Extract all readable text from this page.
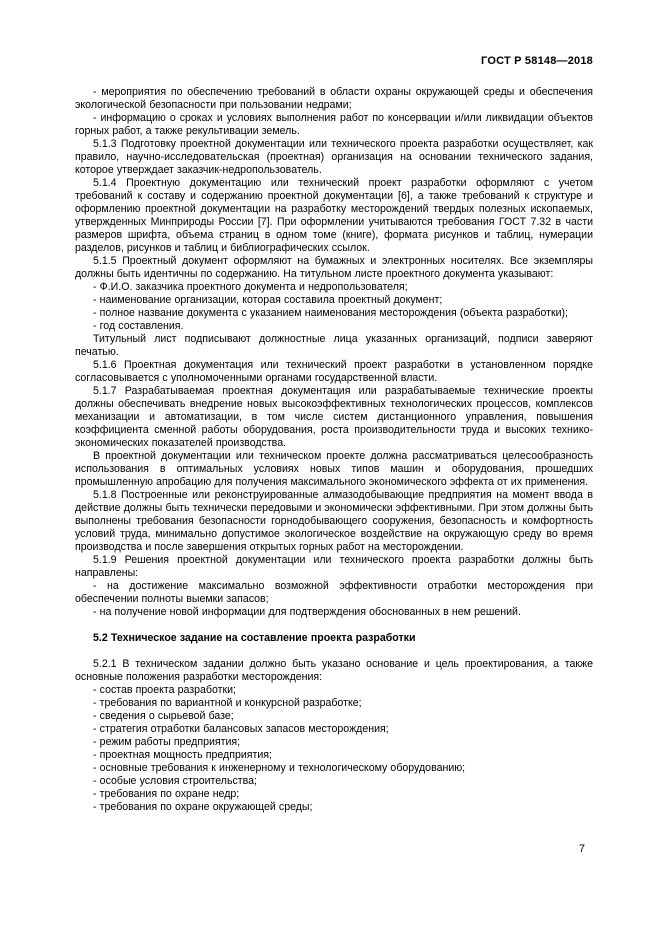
ГОСТ Р 58148—2018

- мероприятия по обеспечению требований в области охраны окружающей среды и обеспечения экологической безопасности при пользовании недрами;

- информацию о сроках и условиях выполнения работ по консервации и/или ликвидации объектов горных работ, а также рекультивации земель.

5.1.3 Подготовку проектной документации или технического проекта разработки осуществляет, как правило, научно-исследовательская (проектная) организация на основании технического задания, которое утверждает заказчик-недропользователь.

5.1.4 Проектную документацию или технический проект разработки оформляют с учетом требований к составу и содержанию проектной документации [6], а также требований к структуре и оформлению проектной документации на разработку месторождений твердых полезных ископаемых, утвержденных Минприроды России [7]. При оформлении учитываются требования ГОСТ 7.32 в части размеров шрифта, объема страниц в одном томе (книге), формата рисунков и таблиц, нумерации разделов, рисунков и таблиц и библиографических ссылок.

5.1.5 Проектный документ оформляют на бумажных и электронных носителях. Все экземпляры должны быть идентичны по содержанию. На титульном листе проектного документа указывают:

- Ф.И.О. заказчика проектного документа и недропользователя;

- наименование организации, которая составила проектный документ;

- полное название документа с указанием наименования месторождения (объекта разработки);

- год составления.

Титульный лист подписывают должностные лица указанных организаций, подписи заверяют печатью.

5.1.6 Проектная документация или технический проект разработки в установленном порядке согласовывается с уполномоченными органами государственной власти.

5.1.7 Разрабатываемая проектная документация или разрабатываемые технические проекты должны обеспечивать внедрение новых высокоэффективных технологических процессов, комплексов механизации и автоматизации, в том числе систем дистанционного управления, повышения коэффициента сменной работы оборудования, роста производительности труда и высоких технико-экономических показателей производства.

В проектной документации или техническом проекте должна рассматриваться целесообразность использования в оптимальных условиях новых типов машин и оборудования, прошедших промышленную апробацию для получения максимального экономического эффекта от их применения.

5.1.8 Построенные или реконструированные алмазодобывающие предприятия на момент ввода в действие должны быть технически передовыми и экономически эффективными. При этом должны быть выполнены требования безопасности горнодобывающего сооружения, безопасность и комфортность условий труда, минимально допустимое экологическое воздействие на окружающую среду во время производства и после завершения открытых горных работ на месторождении.

5.1.9 Решения проектной документации или технического проекта разработки должны быть направлены:

- на достижение максимально возможной эффективности отработки месторождения при обеспечении полноты выемки запасов;

- на получение новой информации для подтверждения обоснованных в нем решений.

5.2 Техническое задание на составление проекта разработки

5.2.1 В техническом задании должно быть указано основание и цель проектирования, а также основные положения разработки месторождения:

- состав проекта разработки;

- требования по вариантной и конкурсной разработке;

- сведения о сырьевой базе;

- стратегия отработки балансовых запасов месторождения;

- режим работы предприятия;

- проектная мощность предприятия;

- основные требования к инженерному и технологическому оборудованию;

- особые условия строительства;

- требования по охране недр;

- требования по охране окружающей среды;

7
